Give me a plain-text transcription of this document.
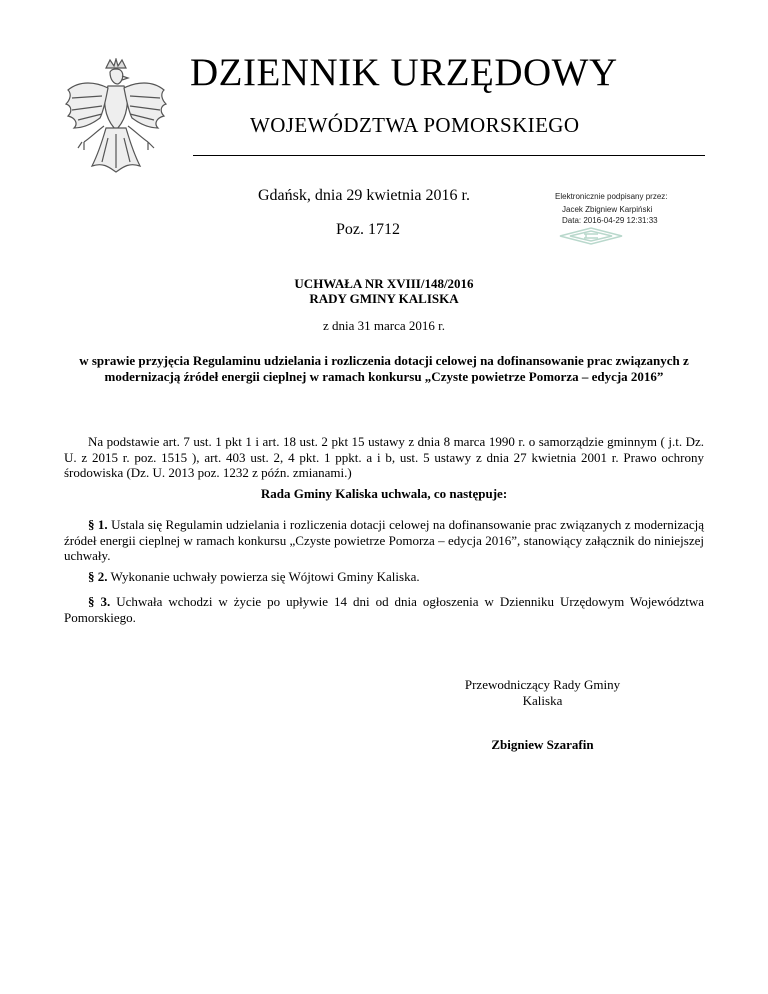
DZIENNIK URZĘDOWY
WOJEWÓDZTWA POMORSKIEGO
Gdańsk, dnia 29 kwietnia 2016 r.
Poz. 1712
Elektronicznie podpisany przez:
Jacek Zbigniew Karpiński
Data: 2016-04-29 12:31:33
UCHWAŁA NR XVIII/148/2016
RADY GMINY KALISKA
z dnia 31 marca 2016 r.
w sprawie przyjęcia Regulaminu udzielania i rozliczenia dotacji celowej na dofinansowanie prac związanych z modernizacją źródeł energii cieplnej w ramach konkursu „Czyste powietrze Pomorza – edycja 2016”
Na podstawie art. 7 ust. 1 pkt 1 i art. 18 ust. 2 pkt 15 ustawy z dnia 8 marca 1990 r. o samorządzie gminnym ( j.t. Dz. U. z 2015 r. poz. 1515 ), art. 403 ust. 2, 4 pkt. 1 ppkt. a i b, ust. 5 ustawy z dnia 27 kwietnia 2001 r. Prawo ochrony środowiska (Dz. U. 2013 poz. 1232 z późn. zmianami.)
Rada Gminy Kaliska uchwala, co następuje:
§ 1. Ustala się Regulamin udzielania i rozliczenia dotacji celowej na dofinansowanie prac związanych z modernizacją źródeł energii cieplnej w ramach konkursu „Czyste powietrze Pomorza – edycja 2016”, stanowiący załącznik do niniejszej uchwały.
§ 2. Wykonanie uchwały powierza się Wójtowi Gminy Kaliska.
§ 3. Uchwała wchodzi w życie po upływie 14 dni od dnia ogłoszenia w Dzienniku Urzędowym Województwa Pomorskiego.
Przewodniczący Rady Gminy
Kaliska
Zbigniew Szarafin
